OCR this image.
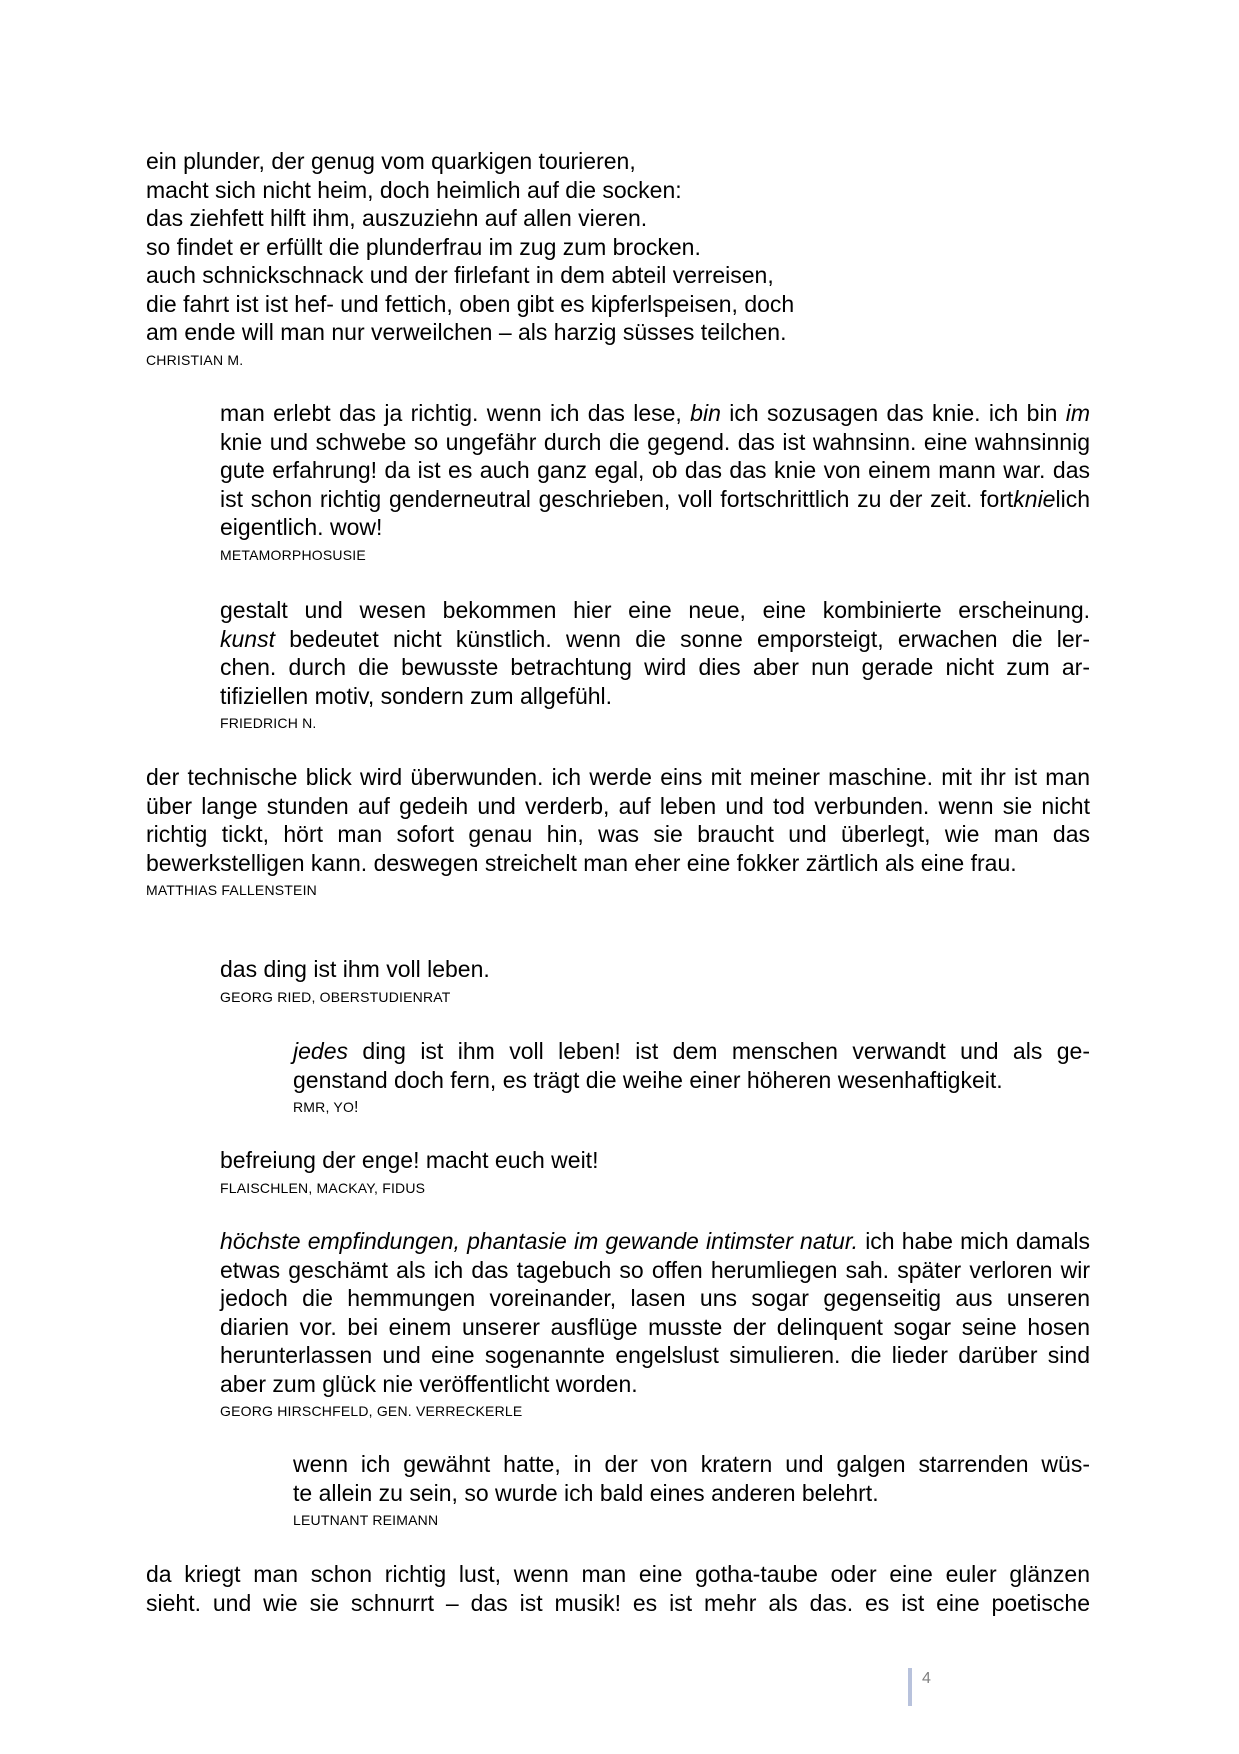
ein plunder, der genug vom quarkigen tourieren,
macht sich nicht heim, doch heimlich auf die socken:
das ziehfett hilft ihm, auszuziehn auf allen vieren.
so findet er erfüllt die plunderfrau im zug zum brocken.
auch schnickschnack und der firlefant in dem abteil verreisen,
die fahrt ist ist hef- und fettich, oben gibt es kipferlspeisen, doch
am ende will man nur verweilchen – als harzig süsses teilchen.
CHRISTIAN M.

man erlebt das ja richtig. wenn ich das lese, bin ich sozusagen das knie. ich bin im knie und schwebe so ungefähr durch die gegend. das ist wahnsinn. eine wahnsinnig gute erfahrung! da ist es auch ganz egal, ob das das knie von einem mann war. das ist schon richtig genderneutral geschrieben, voll fortschrittlich zu der zeit. fortknielich eigentlich. wow!

METAMORPHOSUSIE
gestalt und wesen bekommen hier eine neue, eine kombinierte erscheinung.
kunst bedeutet nicht künstlich. wenn die sonne emporsteigt, erwachen die ler-
chen. durch die bewusste betrachtung wird dies aber nun gerade nicht zum ar-
tifiziellen motiv, sondern zum allgefühl.
FRIEDRICH N.

der technische blick wird überwunden. ich werde eins mit meiner maschine. mit ihr ist man über lange stunden auf gedeih und verderb, auf leben und tod verbunden. wenn sie nicht richtig tickt, hört man sofort genau hin, was sie braucht und überlegt, wie man das bewerkstelligen kann. deswegen streichelt man eher eine fokker zärtlich als eine frau.

MATTHIAS FALLENSTEIN

das ding ist ihm voll leben.

GEORG RIED, OBERSTUDIENRAT
jedes ding ist ihm voll leben! ist dem menschen verwandt und als ge-
genstand doch fern, es trägt die weihe einer höheren wesenhaftigkeit.
RMR, YO!

befreiung der enge! macht euch weit!

FLAISCHLEN, MACKAY, FIDUS

höchste empfindungen, phantasie im gewande intimster natur. ich habe mich damals etwas geschämt als ich das tagebuch so offen herumliegen sah. später verloren wir jedoch die hemmungen voreinander, lasen uns sogar gegenseitig aus unseren diarien vor. bei einem unserer ausflüge musste der delinquent sogar seine hosen herunterlassen und eine sogenannte engelslust simulieren. die lieder darüber sind aber zum glück nie veröffentlicht worden.

GEORG HIRSCHFELD, GEN. VERRECKERLE
wenn ich gewähnt hatte, in der von kratern und galgen starrenden wüs-
te allein zu sein, so wurde ich bald eines anderen belehrt.
LEUTNANT REIMANN
da kriegt man schon richtig lust, wenn man eine gotha-taube oder eine euler glänzen
sieht. und wie sie schnurrt – das ist musik! es ist mehr als das. es ist eine poetische
4
